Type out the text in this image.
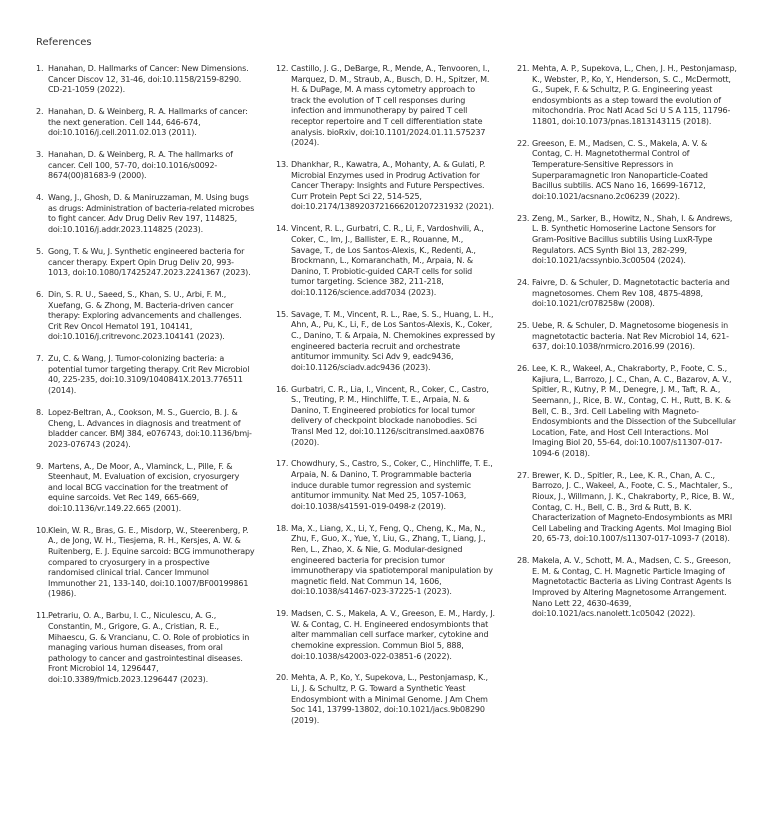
References
1. Hanahan, D. Hallmarks of Cancer: New Dimensions. Cancer Discov 12, 31-46, doi:10.1158/2159-8290. CD-21-1059 (2022).
2. Hanahan, D. & Weinberg, R. A. Hallmarks of cancer: the next generation. Cell 144, 646-674, doi:10.1016/j.cell.2011.02.013 (2011).
3. Hanahan, D. & Weinberg, R. A. The hallmarks of cancer. Cell 100, 57-70, doi:10.1016/s0092-8674(00)81683-9 (2000).
4. Wang, J., Ghosh, D. & Maniruzzaman, M. Using bugs as drugs: Administration of bacteria-related microbes to fight cancer. Adv Drug Deliv Rev 197, 114825, doi:10.1016/j.addr.2023.114825 (2023).
5. Gong, T. & Wu, J. Synthetic engineered bacteria for cancer therapy. Expert Opin Drug Deliv 20, 993-1013, doi:10.1080/17425247.2023.2241367 (2023).
6. Din, S. R. U., Saeed, S., Khan, S. U., Arbi, F. M., Xuefang, G. & Zhong, M. Bacteria-driven cancer therapy: Exploring advancements and challenges. Crit Rev Oncol Hematol 191, 104141, doi:10.1016/j.critrevonc.2023.104141 (2023).
7. Zu, C. & Wang, J. Tumor-colonizing bacteria: a potential tumor targeting therapy. Crit Rev Microbiol 40, 225-235, doi:10.3109/1040841X.2013.776511 (2014).
8. Lopez-Beltran, A., Cookson, M. S., Guercio, B. J. & Cheng, L. Advances in diagnosis and treatment of bladder cancer. BMJ 384, e076743, doi:10.1136/bmj-2023-076743 (2024).
9. Martens, A., De Moor, A., Vlaminck, L., Pille, F. & Steenhaut, M. Evaluation of excision, cryosurgery and local BCG vaccination for the treatment of equine sarcoids. Vet Rec 149, 665-669, doi:10.1136/vr.149.22.665 (2001).
10. Klein, W. R., Bras, G. E., Misdorp, W., Steerenberg, P. A., de Jong, W. H., Tiesjema, R. H., Kersjes, A. W. & Ruitenberg, E. J. Equine sarcoid: BCG immunotherapy compared to cryosurgery in a prospective randomised clinical trial. Cancer Immunol Immunother 21, 133-140, doi:10.1007/BF00199861 (1986).
11. Petrariu, O. A., Barbu, I. C., Niculescu, A. G., Constantin, M., Grigore, G. A., Cristian, R. E., Mihaescu, G. & Vrancianu, C. O. Role of probiotics in managing various human diseases, from oral pathology to cancer and gastrointestinal diseases. Front Microbiol 14, 1296447, doi:10.3389/fmicb.2023.1296447 (2023).
12. Castillo, J. G., DeBarge, R., Mende, A., Tenvooren, I., Marquez, D. M., Straub, A., Busch, D. H., Spitzer, M. H. & DuPage, M. A mass cytometry approach to track the evolution of T cell responses during infection and immunotherapy by paired T cell receptor repertoire and T cell differentiation state analysis. bioRxiv, doi:10.1101/2024.01.11.575237 (2024).
13. Dhankhar, R., Kawatra, A., Mohanty, A. & Gulati, P. Microbial Enzymes used in Prodrug Activation for Cancer Therapy: Insights and Future Perspectives. Curr Protein Pept Sci 22, 514-525, doi:10.2174/1389203721666201207231932 (2021).
14. Vincent, R. L., Gurbatri, C. R., Li, F., Vardoshvili, A., Coker, C., Im, J., Ballister, E. R., Rouanne, M., Savage, T., de Los Santos-Alexis, K., Redenti, A., Brockmann, L., Komaranchath, M., Arpaia, N. & Danino, T. Probiotic-guided CAR-T cells for solid tumor targeting. Science 382, 211-218, doi:10.1126/science.add7034 (2023).
15. Savage, T. M., Vincent, R. L., Rae, S. S., Huang, L. H., Ahn, A., Pu, K., Li, F., de Los Santos-Alexis, K., Coker, C., Danino, T. & Arpaia, N. Chemokines expressed by engineered bacteria recruit and orchestrate antitumor immunity. Sci Adv 9, eadc9436, doi:10.1126/sciadv.adc9436 (2023).
16. Gurbatri, C. R., Lia, I., Vincent, R., Coker, C., Castro, S., Treuting, P. M., Hinchliffe, T. E., Arpaia, N. & Danino, T. Engineered probiotics for local tumor delivery of checkpoint blockade nanobodies. Sci Transl Med 12, doi:10.1126/scitranslmed.aax0876 (2020).
17. Chowdhury, S., Castro, S., Coker, C., Hinchliffe, T. E., Arpaia, N. & Danino, T. Programmable bacteria induce durable tumor regression and systemic antitumor immunity. Nat Med 25, 1057-1063, doi:10.1038/s41591-019-0498-z (2019).
18. Ma, X., Liang, X., Li, Y., Feng, Q., Cheng, K., Ma, N., Zhu, F., Guo, X., Yue, Y., Liu, G., Zhang, T., Liang, J., Ren, L., Zhao, X. & Nie, G. Modular-designed engineered bacteria for precision tumor immunotherapy via spatiotemporal manipulation by magnetic field. Nat Commun 14, 1606, doi:10.1038/s41467-023-37225-1 (2023).
19. Madsen, C. S., Makela, A. V., Greeson, E. M., Hardy, J. W. & Contag, C. H. Engineered endosymbionts that alter mammalian cell surface marker, cytokine and chemokine expression. Commun Biol 5, 888, doi:10.1038/s42003-022-03851-6 (2022).
20. Mehta, A. P., Ko, Y., Supekova, L., Pestonjamasp, K., Li, J. & Schultz, P. G. Toward a Synthetic Yeast Endosymbiont with a Minimal Genome. J Am Chem Soc 141, 13799-13802, doi:10.1021/jacs.9b08290 (2019).
21. Mehta, A. P., Supekova, L., Chen, J. H., Pestonjamasp, K., Webster, P., Ko, Y., Henderson, S. C., McDermott, G., Supek, F. & Schultz, P. G. Engineering yeast endosymbionts as a step toward the evolution of mitochondria. Proc Natl Acad Sci U S A 115, 11796-11801, doi:10.1073/pnas.1813143115 (2018).
22. Greeson, E. M., Madsen, C. S., Makela, A. V. & Contag, C. H. Magnetothermal Control of Temperature-Sensitive Repressors in Superparamagnetic Iron Nanoparticle-Coated Bacillus subtilis. ACS Nano 16, 16699-16712, doi:10.1021/acsnano.2c06239 (2022).
23. Zeng, M., Sarker, B., Howitz, N., Shah, I. & Andrews, L. B. Synthetic Homoserine Lactone Sensors for Gram-Positive Bacillus subtilis Using LuxR-Type Regulators. ACS Synth Biol 13, 282-299, doi:10.1021/acssynbio.3c00504 (2024).
24. Faivre, D. & Schuler, D. Magnetotactic bacteria and magnetosomes. Chem Rev 108, 4875-4898, doi:10.1021/cr078258w (2008).
25. Uebe, R. & Schuler, D. Magnetosome biogenesis in magnetotactic bacteria. Nat Rev Microbiol 14, 621-637, doi:10.1038/nrmicro.2016.99 (2016).
26. Lee, K. R., Wakeel, A., Chakraborty, P., Foote, C. S., Kajiura, L., Barrozo, J. C., Chan, A. C., Bazarov, A. V., Spitler, R., Kutny, P. M., Denegre, J. M., Taft, R. A., Seemann, J., Rice, B. W., Contag, C. H., Rutt, B. K. & Bell, C. B., 3rd. Cell Labeling with Magneto-Endosymbionts and the Dissection of the Subcellular Location, Fate, and Host Cell Interactions. Mol Imaging Biol 20, 55-64, doi:10.1007/s11307-017-1094-6 (2018).
27. Brewer, K. D., Spitler, R., Lee, K. R., Chan, A. C., Barrozo, J. C., Wakeel, A., Foote, C. S., Machtaler, S., Rioux, J., Willmann, J. K., Chakraborty, P., Rice, B. W., Contag, C. H., Bell, C. B., 3rd & Rutt, B. K. Characterization of Magneto-Endosymbionts as MRI Cell Labeling and Tracking Agents. Mol Imaging Biol 20, 65-73, doi:10.1007/s11307-017-1093-7 (2018).
28. Makela, A. V., Schott, M. A., Madsen, C. S., Greeson, E. M. & Contag, C. H. Magnetic Particle Imaging of Magnetotactic Bacteria as Living Contrast Agents Is Improved by Altering Magnetosome Arrangement. Nano Lett 22, 4630-4639, doi:10.1021/acs.nanolett.1c05042 (2022).
